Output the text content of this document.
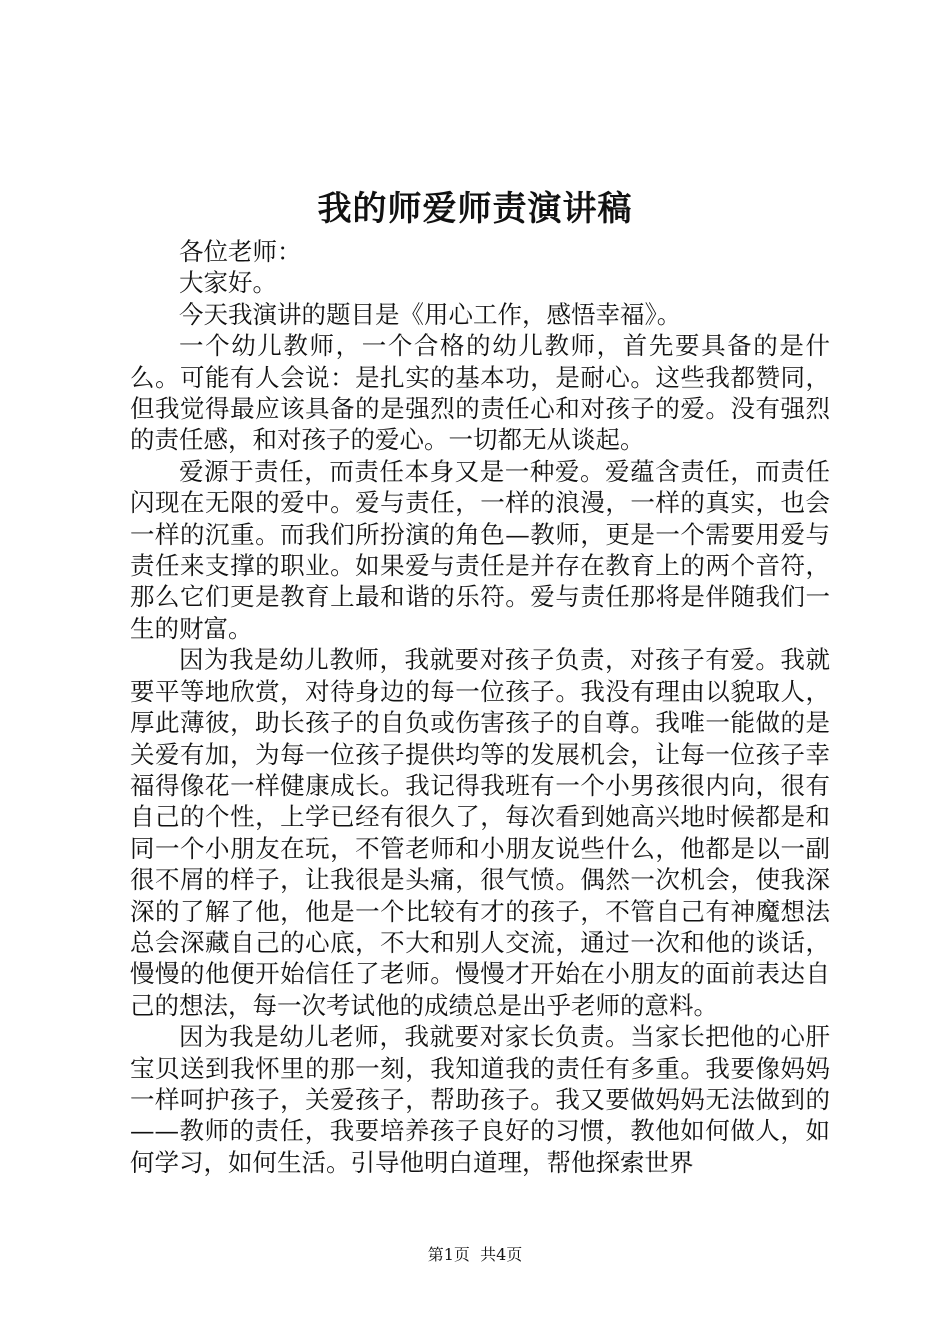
我的师爱师责演讲稿

各位老师：

大家好。

今天我演讲的题目是《用心工作，感悟幸福》。

一个幼儿教师，一个合格的幼儿教师，首先要具备的是什么。可能有人会说：是扎实的基本功，是耐心。这些我都赞同，但我觉得最应该具备的是强烈的责任心和对孩子的爱。没有强烈的责任感，和对孩子的爱心。一切都无从谈起。

爱源于责任，而责任本身又是一种爱。爱蕴含责任，而责任闪现在无限的爱中。爱与责任，一样的浪漫，一样的真实，也会一样的沉重。而我们所扮演的角色—教师，更是一个需要用爱与责任来支撑的职业。如果爱与责任是并存在教育上的两个音符，那么它们更是教育上最和谐的乐符。爱与责任那将是伴随我们一生的财富。

因为我是幼儿教师，我就要对孩子负责，对孩子有爱。我就要平等地欣赏，对待身边的每一位孩子。我没有理由以貌取人，厚此薄彼，助长孩子的自负或伤害孩子的自尊。我唯一能做的是关爱有加，为每一位孩子提供均等的发展机会，让每一位孩子幸福得像花一样健康成长。我记得我班有一个小男孩很内向，很有自己的个性，上学已经有很久了，每次看到她高兴地时候都是和同一个小朋友在玩，不管老师和小朋友说些什么，他都是以一副很不屑的样子，让我很是头痛，很气愤。偶然一次机会，使我深深的了解了他，他是一个比较有才的孩子，不管自己有神魔想法总会深藏自己的心底，不大和别人交流，通过一次和他的谈话，慢慢的他便开始信任了老师。慢慢才开始在小朋友的面前表达自己的想法，每一次考试他的成绩总是出乎老师的意料。

因为我是幼儿老师，我就要对家长负责。当家长把他的心肝宝贝送到我怀里的那一刻，我知道我的责任有多重。我要像妈妈一样呵护孩子，关爱孩子，帮助孩子。我又要做妈妈无法做到的——教师的责任，我要培养孩子良好的习惯，教他如何做人，如何学习，如何生活。引导他明白道理，帮他探索世界

第1页 共4页
